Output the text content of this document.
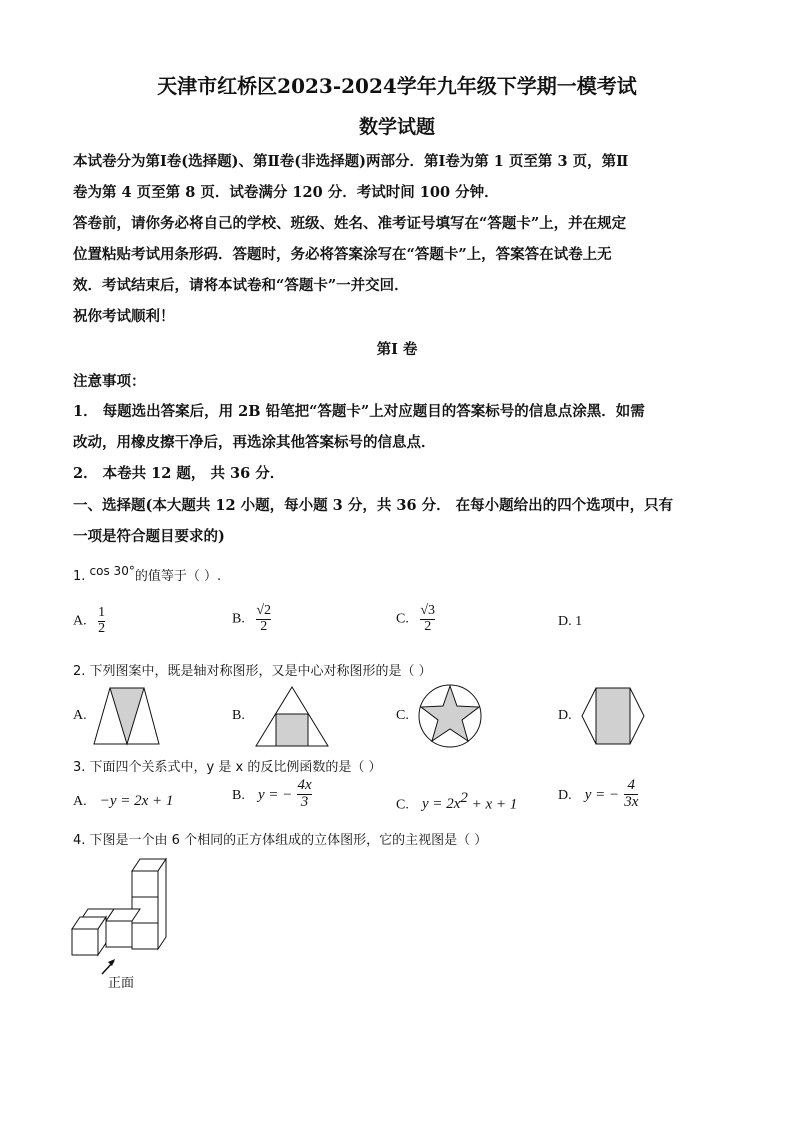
天津市红桥区2023-2024学年九年级下学期一模考试
数学试题
本试卷分为第Ⅰ卷(选择题)、第Ⅱ卷(非选择题)两部分．第Ⅰ卷为第 1 页至第 3 页，第Ⅱ
卷为第 4 页至第 8 页．试卷满分 120 分．考试时间 100 分钟．
答卷前，请你务必将自己的学校、班级、姓名、准考证号填写在“答题卡”上，并在规定
位置粘贴考试用条形码．答题时，务必将答案涂写在“答题卡”上，答案答在试卷上无
效．考试结束后，请将本试卷和“答题卡”一并交回．
祝你考试顺利！
第Ⅰ 卷
注意事项：
1． 每题选出答案后，用 2B 铅笔把“答题卡”上对应题目的答案标号的信息点涂黑．如需
改动，用橡皮擦干净后，再选涂其他答案标号的信息点．
2． 本卷共 12 题， 共 36 分．
一、选择题(本大题共 12 小题，每小题 3 分，共 36 分． 在每小题给出的四个选项中，只有
一项是符合题目要求的)
1. cos 30°的值等于（ ）.
A. $\frac{1}{2}$	B. $\frac{√2}{2}$	C. $\frac{√3}{2}$	D. 1
2. 下列图案中，既是轴对称图形，又是中心对称图形的是（ ）
A.	B.	C.	D.
3. 下面四个关系式中，y 是 x 的反比例函数的是（ ）
A. −y = 2x + 1	B. y = − $\frac{4x}{3}$	C. $y = 2x^2 + x + 1$
D. y = − $\frac{4}{3x}$
4. 下图是一个由 6 个相同的正方体组成的立体图形，它的主视图是（ ）
正面
